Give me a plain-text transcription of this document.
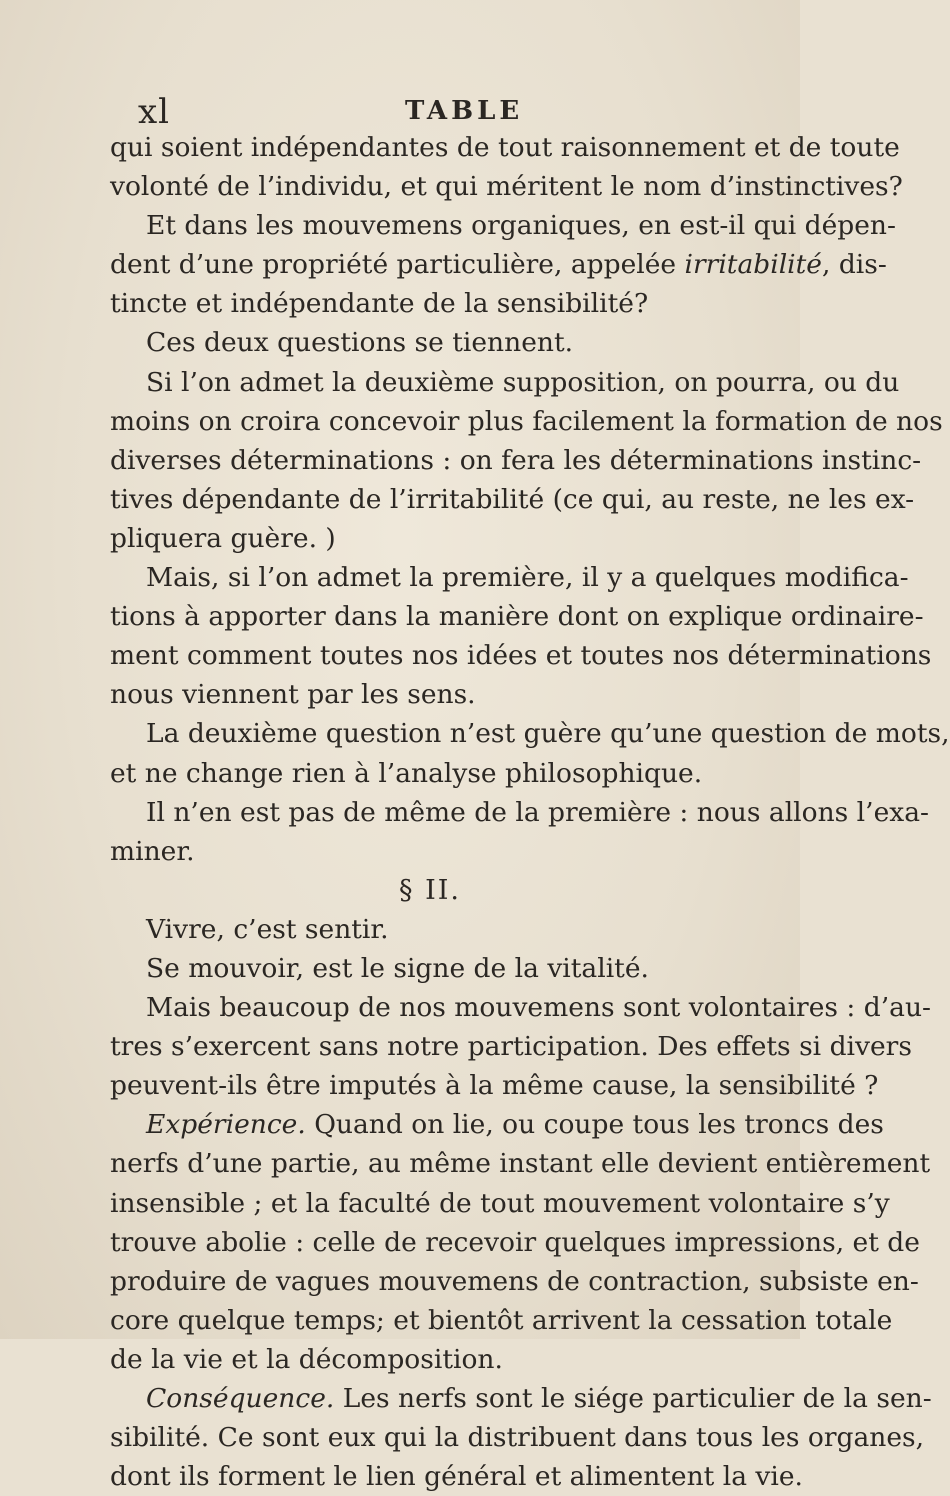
xl	TABLE
qui soient indépendantes de tout raisonnement et de toute
volonté de l’individu, et qui méritent le nom d’instinctives?
Et dans les mouvemens organiques, en est-il qui dépen-
dent d’une propriété particulière, appelée irritabilité, dis-
tincte et indépendante de la sensibilité?
Ces deux questions se tiennent.
Si l’on admet la deuxième supposition, on pourra, ou du
moins on croira concevoir plus facilement la formation de nos
diverses déterminations : on fera les déterminations instinc-
tives dépendante de l’irritabilité (ce qui, au reste, ne les ex-
pliquera guère. )
Mais, si l’on admet la première, il y a quelques modifica-
tions à apporter dans la manière dont on explique ordinaire-
ment comment toutes nos idées et toutes nos déterminations
nous viennent par les sens.
La deuxième question n’est guère qu’une question de mots,
et ne change rien à l’analyse philosophique.
Il n’en est pas de même de la première : nous allons l’exa-
miner.
§ II.
Vivre, c’est sentir.
Se mouvoir, est le signe de la vitalité.
Mais beaucoup de nos mouvemens sont volontaires : d’au-
tres s’exercent sans notre participation. Des effets si divers
peuvent-ils être imputés à la même cause, la sensibilité ?
Expérience. Quand on lie, ou coupe tous les troncs des
nerfs d’une partie, au même instant elle devient entièrement
insensible ; et la faculté de tout mouvement volontaire s’y
trouve abolie : celle de recevoir quelques impressions, et de
produire de vagues mouvemens de contraction, subsiste en-
core quelque temps; et bientôt arrivent la cessation totale
de la vie et la décomposition.
Conséquence. Les nerfs sont le siége particulier de la sen-
sibilité. Ce sont eux qui la distribuent dans tous les organes,
dont ils forment le lien général et alimentent la vie.
